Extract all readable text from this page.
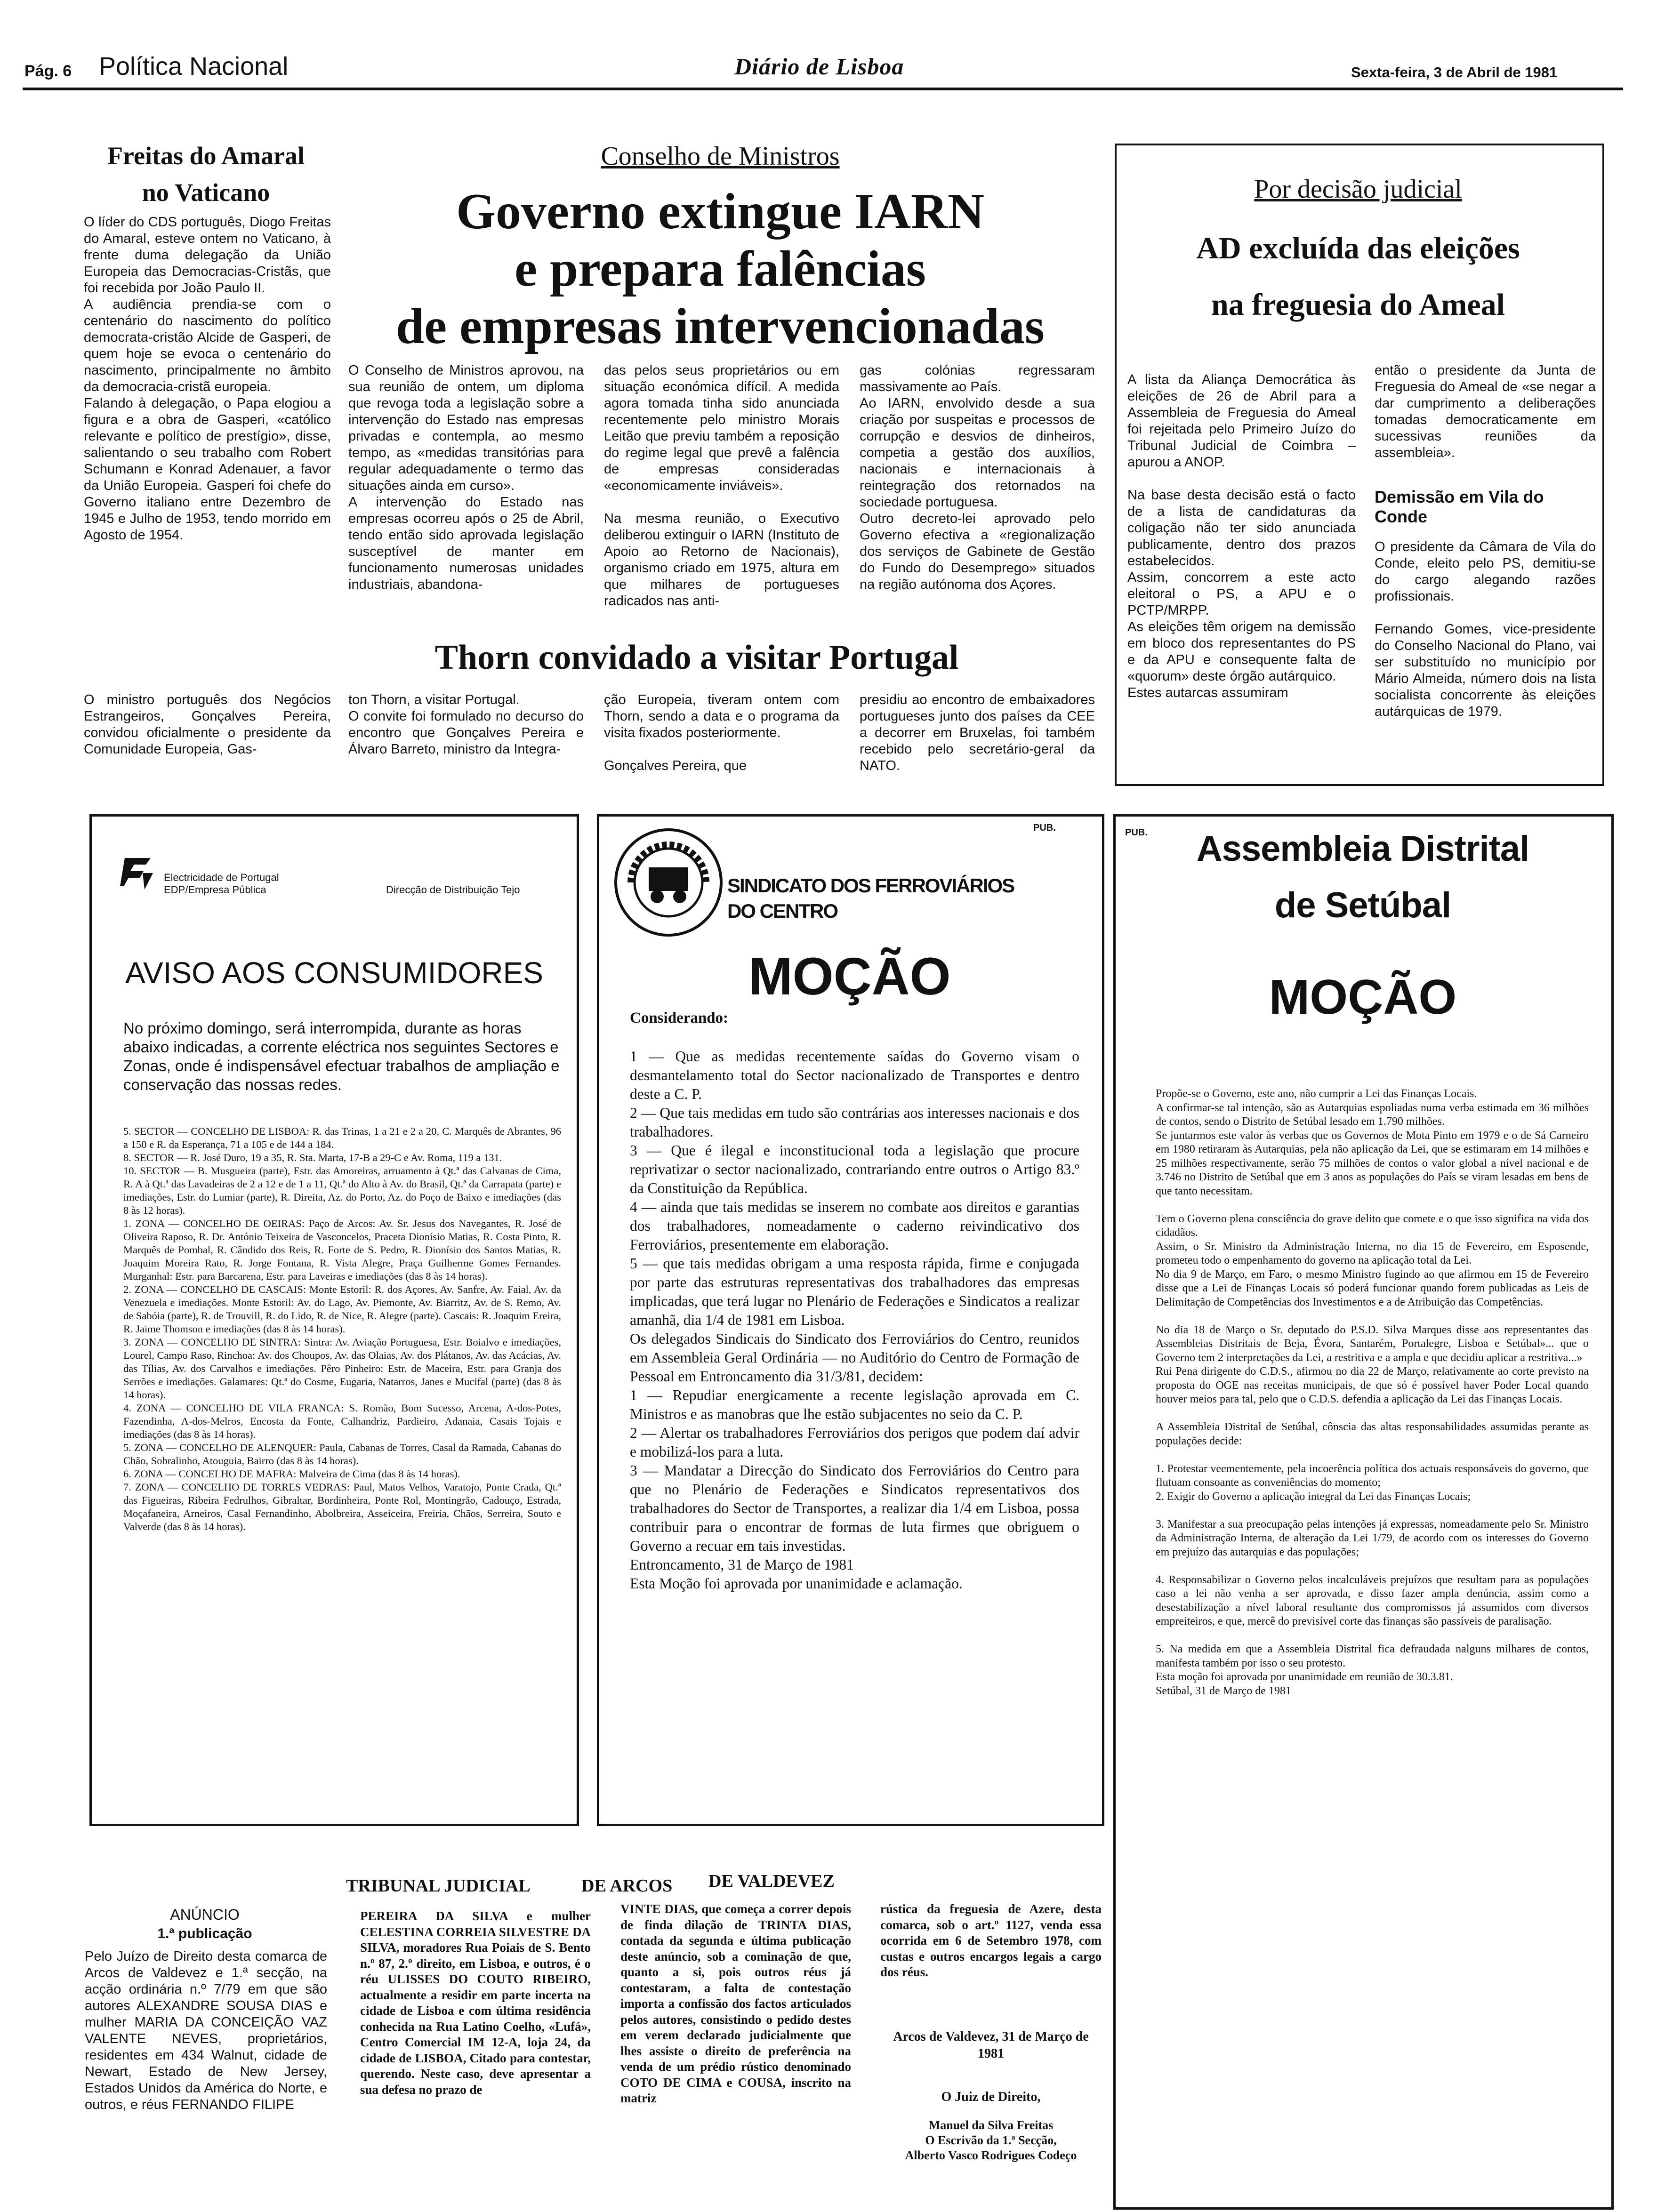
Pág. 6 Política Nacional	Diário de Lisboa	Sexta-feira, 3 de Abril de 1981
Freitas do Amaral
no Vaticano
O líder do CDS português, Diogo Freitas do Amaral, esteve ontem no Vaticano, à frente duma delegação da União Europeia das Democracias-Cristãs, que foi recebida por João Paulo II.
A audiência prendia-se com o centenário do nascimento do político democrata-cristão Alcide de Gasperi, de quem hoje se evoca o centenário do nascimento, principalmente no âmbito da democracia-cristã europeia.
Falando à delegação, o Papa elogiou a figura e a obra de Gasperi, «católico relevante e político de prestígio», disse, salientando o seu trabalho com Robert Schumann e Konrad Adenauer, a favor da União Europeia. Gasperi foi chefe do Governo italiano entre Dezembro de 1945 e Julho de 1953, tendo morrido em Agosto de 1954.
Conselho de Ministros
Governo extingue IARN
e prepara falências
de empresas intervencionadas
O Conselho de Ministros aprovou, na sua reunião de ontem, um diploma que revoga toda a legislação sobre a intervenção do Estado nas empresas privadas e contempla, ao mesmo tempo, as «medidas transitórias para regular adequadamente o termo das situações ainda em curso».
A intervenção do Estado nas empresas ocorreu após o 25 de Abril, tendo então sido aprovada legislação susceptível de manter em funcionamento numerosas unidades industriais, abandona-
das pelos seus proprietários ou em situação económica difícil. A medida agora tomada tinha sido anunciada recentemente pelo ministro Morais Leitão que previu também a reposição do regime legal que prevê a falência de empresas consideradas «economicamente inviáveis».

Na mesma reunião, o Executivo deliberou extinguir o IARN (Instituto de Apoio ao Retorno de Nacionais), organismo criado em 1975, altura em que milhares de portugueses radicados nas anti-
gas colónias regressaram massivamente ao País.
Ao IARN, envolvido desde a sua criação por suspeitas e processos de corrupção e desvios de dinheiros, competia a gestão dos auxílios, nacionais e internacionais à reintegração dos retornados na sociedade portuguesa.
Outro decreto-lei aprovado pelo Governo efectiva a «regionalização dos serviços de Gabinete de Gestão do Fundo do Desemprego» situados na região autónoma dos Açores.
Por decisão judicial
AD excluída das eleições
na freguesia do Ameal
A lista da Aliança Democrática às eleições de 26 de Abril para a Assembleia de Freguesia do Ameal foi rejeitada pelo Primeiro Juízo do Tribunal Judicial de Coimbra – apurou a ANOP.

Na base desta decisão está o facto de a lista de candidaturas da coligação não ter sido anunciada publicamente, dentro dos prazos estabelecidos.
Assim, concorrem a este acto eleitoral o PS, a APU e o PCTP/MRPP.
As eleições têm origem na demissão em bloco dos representantes do PS e da APU e consequente falta de «quorum» deste órgão autárquico.
Estes autarcas assumiram
então o presidente da Junta de Freguesia do Ameal de «se negar a dar cumprimento a deliberações tomadas democraticamente em sucessivas reuniões da assembleia».
Demissão em Vila do Conde
O presidente da Câmara de Vila do Conde, eleito pelo PS, demitiu-se do cargo alegando razões profissionais.

Fernando Gomes, vice-presidente do Conselho Nacional do Plano, vai ser substituído no município por Mário Almeida, número dois na lista socialista concorrente às eleições autárquicas de 1979.
Thorn convidado a visitar Portugal
O ministro português dos Negócios Estrangeiros, Gonçalves Pereira, convidou oficialmente o presidente da Comunidade Europeia, Gas-
ton Thorn, a visitar Portugal.
O convite foi formulado no decurso do encontro que Gonçalves Pereira e Álvaro Barreto, ministro da Integra-
ção Europeia, tiveram ontem com Thorn, sendo a data e o programa da visita fixados posteriormente.

Gonçalves Pereira, que
presidiu ao encontro de embaixadores portugueses junto dos países da CEE a decorrer em Bruxelas, foi também recebido pelo secretário-geral da NATO.
Electricidade de Portugal
EDP/Empresa Pública	Direcção de Distribuição Tejo
AVISO AOS CONSUMIDORES
No próximo domingo, será interrompida, durante as horas abaixo indicadas, a corrente eléctrica nos seguintes Sectores e Zonas, onde é indispensável efectuar trabalhos de ampliação e conservação das nossas redes.
5. SECTOR — CONCELHO DE LISBOA: R. das Trinas, 1 a 21 e 2 a 20, C. Marquês de Abrantes, 96 a 150 e R. da Esperança, 71 a 105 e de 144 a 184.
8. SECTOR — R. José Duro, 19 a 35, R. Sta. Marta, 17-B a 29-C e Av. Roma, 119 a 131.
10. SECTOR — B. Musgueira (parte), Estr. das Amoreiras, arruamento à Qt.ª das Calvanas de Cima, R. A à Qt.ª das Lavadeiras de 2 a 12 e de 1 a 11, Qt.ª do Alto à Av. do Brasil, Qt.ª da Carrapata (parte) e imediações, Estr. do Lumiar (parte), R. Direita, Az. do Porto, Az. do Poço de Baixo e imediações (das 8 às 12 horas).
1. ZONA — CONCELHO DE OEIRAS: Paço de Arcos: Av. Sr. Jesus dos Navegantes, R. José de Oliveira Raposo, R. Dr. António Teixeira de Vasconcelos, Praceta Dionísio Matias, R. Costa Pinto, R. Marquês de Pombal, R. Cândido dos Reis, R. Forte de S. Pedro, R. Dionísio dos Santos Matias, R. Joaquim Moreira Rato, R. Jorge Fontana, R. Vista Alegre, Praça Guilherme Gomes Fernandes. Murganhal: Estr. para Barcarena, Estr. para Laveiras e imediações (das 8 às 14 horas).
2. ZONA — CONCELHO DE CASCAIS: Monte Estoril: R. dos Açores, Av. Sanfre, Av. Faial, Av. da Venezuela e imediações. Monte Estoril: Av. do Lago, Av. Piemonte, Av. Biarritz, Av. de S. Remo, Av. de Sabóia (parte), R. de Trouvill, R. do Lido, R. de Nice, R. Alegre (parte). Cascais: R. Joaquim Ereira, R. Jaime Thomson e imediações (das 8 às 14 horas).
3. ZONA — CONCELHO DE SINTRA: Sintra: Av. Aviação Portuguesa, Estr. Boialvo e imediações, Lourel, Campo Raso, Rinchoa: Av. dos Choupos, Av. das Olaias, Av. dos Plátanos, Av. das Acácias, Av. das Tílias, Av. dos Carvalhos e imediações. Pêro Pinheiro: Estr. de Maceira, Estr. para Granja dos Serrões e imediações. Galamares: Qt.ª do Cosme, Eugaria, Natarros, Janes e Mucifal (parte) (das 8 às 14 horas).
4. ZONA — CONCELHO DE VILA FRANCA: S. Romão, Bom Sucesso, Arcena, A-dos-Potes, Fazendinha, A-dos-Melros, Encosta da Fonte, Calhandriz, Pardieiro, Adanaia, Casais Tojais e imediações (das 8 às 14 horas).
5. ZONA — CONCELHO DE ALENQUER: Paula, Cabanas de Torres, Casal da Ramada, Cabanas do Chão, Sobralinho, Atouguia, Bairro (das 8 às 14 horas).
6. ZONA — CONCELHO DE MAFRA: Malveira de Cima (das 8 às 14 horas).
7. ZONA — CONCELHO DE TORRES VEDRAS: Paul, Matos Velhos, Varatojo, Ponte Crada, Qt.ª das Figueiras, Ribeira Fedrulhos, Gibraltar, Bordinheira, Ponte Rol, Montingrão, Cadouço, Estrada, Moçafaneira, Arneiros, Casal Fernandinho, Abolbreira, Asseiceira, Freiria, Chãos, Serreira, Souto e Valverde (das 8 às 14 horas).
PUB.
SINDICATO DOS FERROVIÁRIOS
DO CENTRO
MOÇÃO
Considerando:
1 — Que as medidas recentemente saídas do Governo visam o desmantelamento total do Sector nacionalizado de Transportes e dentro deste a C. P.
2 — Que tais medidas em tudo são contrárias aos interesses nacionais e dos trabalhadores.
3 — Que é ilegal e inconstitucional toda a legislação que procure reprivatizar o sector nacionalizado, contrariando entre outros o Artigo 83.º da Constituição da República.
4 — ainda que tais medidas se inserem no combate aos direitos e garantias dos trabalhadores, nomeadamente o caderno reivindicativo dos Ferroviários, presentemente em elaboração.
5 — que tais medidas obrigam a uma resposta rápida, firme e conjugada por parte das estruturas representativas dos trabalhadores das empresas implicadas, que terá lugar no Plenário de Federações e Sindicatos a realizar amanhã, dia 1/4 de 1981 em Lisboa.
Os delegados Sindicais do Sindicato dos Ferroviários do Centro, reunidos em Assembleia Geral Ordinária — no Auditório do Centro de Formação de Pessoal em Entroncamento dia 31/3/81, decidem:
1 — Repudiar energicamente a recente legislação aprovada em C. Ministros e as manobras que lhe estão subjacentes no seio da C. P.
2 — Alertar os trabalhadores Ferroviários dos perigos que podem daí advir e mobilizá-los para a luta.
3 — Mandatar a Direcção do Sindicato dos Ferroviários do Centro para que no Plenário de Federações e Sindicatos representativos dos trabalhadores do Sector de Transportes, a realizar dia 1/4 em Lisboa, possa contribuir para o encontrar de formas de luta firmes que obriguem o Governo a recuar em tais investidas.
Entroncamento, 31 de Março de 1981
Esta Moção foi aprovada por unanimidade e aclamação.
PUB.	Assembleia Distrital
de Setúbal
MOÇÃO
Propõe-se o Governo, este ano, não cumprir a Lei das Finanças Locais.
A confirmar-se tal intenção, são as Autarquias espoliadas numa verba estimada em 36 milhões de contos, sendo o Distrito de Setúbal lesado em 1.790 milhões.
Se juntarmos este valor às verbas que os Governos de Mota Pinto em 1979 e o de Sá Carneiro em 1980 retiraram às Autarquias, pela não aplicação da Lei, que se estimaram em 14 milhões e 25 milhões respectivamente, serão 75 milhões de contos o valor global a nível nacional e de 3.746 no Distrito de Setúbal que em 3 anos as populações do País se viram lesadas em bens de que tanto necessitam.

Tem o Governo plena consciência do grave delito que comete e o que isso significa na vida dos cidadãos.
Assim, o Sr. Ministro da Administração Interna, no dia 15 de Fevereiro, em Esposende, prometeu todo o empenhamento do governo na aplicação total da Lei.
No dia 9 de Março, em Faro, o mesmo Ministro fugindo ao que afirmou em 15 de Fevereiro disse que a Lei de Finanças Locais só poderá funcionar quando forem publicadas as Leis de Delimitação de Competências dos Investimentos e a de Atribuição das Competências.

No dia 18 de Março o Sr. deputado do P.S.D. Silva Marques disse aos representantes das Assembleias Distritais de Beja, Évora, Santarém, Portalegre, Lisboa e Setúbal»... que o Governo tem 2 interpretações da Lei, a restritiva e a ampla e que decidiu aplicar a restritiva...»
Rui Pena dirigente do C.D.S., afirmou no dia 22 de Março, relativamente ao corte previsto na proposta do OGE nas receitas municipais, de que só é possível haver Poder Local quando houver meios para tal, pelo que o C.D.S. defendia a aplicação da Lei das Finanças Locais.

A Assembleia Distrital de Setúbal, cônscia das altas responsabilidades assumidas perante as populações decide:

1. Protestar veementemente, pela incoerência política dos actuais responsáveis do governo, que flutuam consoante as conveniências do momento;
2. Exigir do Governo a aplicação integral da Lei das Finanças Locais;

3. Manifestar a sua preocupação pelas intenções já expressas, nomeadamente pelo Sr. Ministro da Administração Interna, de alteração da Lei 1/79, de acordo com os interesses do Governo em prejuízo das autarquias e das populações;

4. Responsabilizar o Governo pelos incalculáveis prejuízos que resultam para as populações caso a lei não venha a ser aprovada, e disso fazer ampla denúncia, assim como a desestabilização a nível laboral resultante dos compromissos já assumidos com diversos empreiteiros, e que, mercê do previsível corte das finanças são passíveis de paralisação.

5. Na medida em que a Assembleia Distrital fica defraudada nalguns milhares de contos, manifesta também por isso o seu protesto.
Esta moção foi aprovada por unanimidade em reunião de 30.3.81.
Setúbal, 31 de Março de 1981
TRIBUNAL JUDICIAL	DE ARCOS DE VALDEVEZ
ANÚNCIO
1.ª publicação
Pelo Juízo de Direito desta comarca de Arcos de Valdevez e 1.ª secção, na acção ordinária n.º 7/79 em que são autores ALEXANDRE SOUSA DIAS e mulher MARIA DA CONCEIÇÃO VAZ VALENTE NEVES, proprietários, residentes em 434 Walnut, cidade de Newart, Estado de New Jersey, Estados Unidos da América do Norte, e outros, e réus FERNANDO FILIPE
PEREIRA DA SILVA e mulher CELESTINA CORREIA SILVESTRE DA SILVA, moradores Rua Poiais de S. Bento n.º 87, 2.º direito, em Lisboa, e outros, é o réu ULISSES DO COUTO RIBEIRO, actualmente a residir em parte incerta na cidade de Lisboa e com última residência conhecida na Rua Latino Coelho, «Lufá», Centro Comercial IM 12-A, loja 24, da cidade de LISBOA, Citado para contestar, querendo. Neste caso, deve apresentar a sua defesa no prazo de
VINTE DIAS, que começa a correr depois de finda dilação de TRINTA DIAS, contada da segunda e última publicação deste anúncio, sob a cominação de que, quanto a si, pois outros réus já contestaram, a falta de contestação importa a confissão dos factos articulados pelos autores, consistindo o pedido destes em verem declarado judicialmente que lhes assiste o direito de preferência na venda de um prédio rústico denominado COTO DE CIMA e COUSA, inscrito na matriz
rústica da freguesia de Azere, desta comarca, sob o art.º 1127, venda essa ocorrida em 6 de Setembro 1978, com custas e outros encargos legais a cargo dos réus.
Arcos de Valdevez, 31 de Março de 1981
O Juiz de Direito,
Manuel da Silva Freitas
O Escrivão da 1.ª Secção,
Alberto Vasco Rodrigues Codeço
